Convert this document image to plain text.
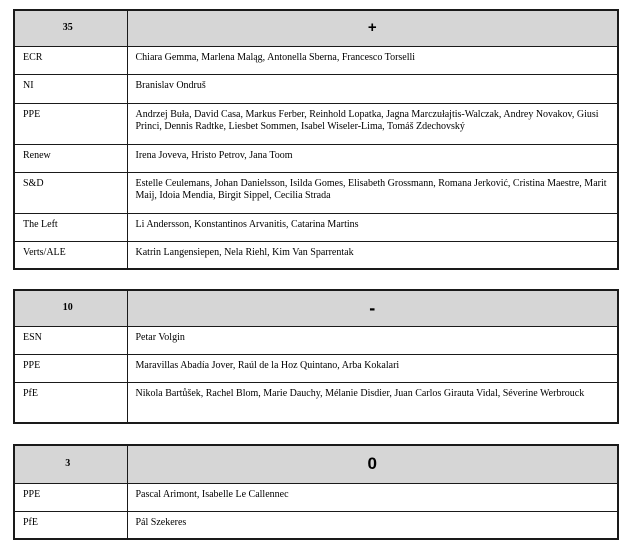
35	+
ECR	Chiara Gemma, Marlena Maląg, Antonella Sberna, Francesco Torselli
NI	Branislav Ondruš
PPE	Andrzej Buła, David Casa, Markus Ferber, Reinhold Lopatka, Jagna Marczułajtis-Walczak, Andrey Novakov, Giusi Princi, Dennis Radtke, Liesbet Sommen, Isabel Wiseler-Lima, Tomáš Zdechovský
Renew	Irena Joveva, Hristo Petrov, Jana Toom
S&D	Estelle Ceulemans, Johan Danielsson, Isilda Gomes, Elisabeth Grossmann, Romana Jerković, Cristina Maestre, Marit Maij, Idoia Mendia, Birgit Sippel, Cecilia Strada
The Left	Li Andersson, Konstantinos Arvanitis, Catarina Martins
Verts/ALE	Katrin Langensiepen, Nela Riehl, Kim Van Sparrentak
10	-
ESN	Petar Volgin
PPE	Maravillas Abadía Jover, Raúl de la Hoz Quintano, Arba Kokalari
PfE	Nikola Bartůšek, Rachel Blom, Marie Dauchy, Mélanie Disdier, Juan Carlos Girauta Vidal, Séverine Werbrouck
3	0
PPE	Pascal Arimont, Isabelle Le Callennec
PfE	Pál Szekeres
